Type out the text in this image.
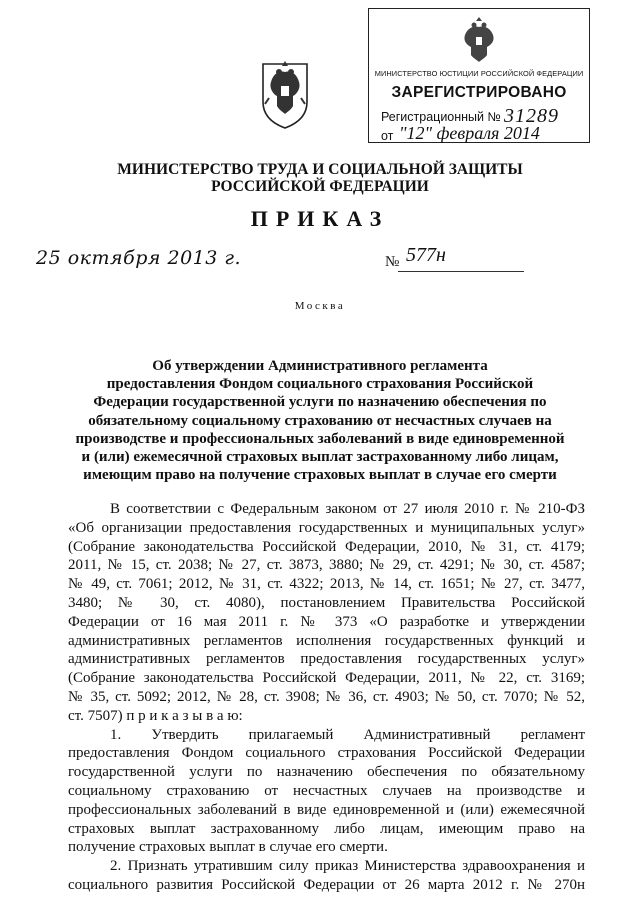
МИНИСТЕРСТВО ЮСТИЦИИ РОССИЙСКОЙ ФЕДЕРАЦИИ
ЗАРЕГИСТРИРОВАНО
Регистрационный № 31289
от "12" февраля 2014
МИНИСТЕРСТВО ТРУДА И СОЦИАЛЬНОЙ ЗАЩИТЫ
РОССИЙСКОЙ ФЕДЕРАЦИИ
ПРИКАЗ
25 октября 2013 г.	№ 577н
Москва
Об утверждении Административного регламента
предоставления Фондом социального страхования Российской
Федерации государственной услуги по назначению обеспечения по
обязательному социальному страхованию от несчастных случаев на
производстве и профессиональных заболеваний в виде единовременной
и (или) ежемесячной страховых выплат застрахованному либо лицам,
имеющим право на получение страховых выплат в случае его смерти
В соответствии с Федеральным законом от 27 июля 2010 г. № 210-ФЗ
«Об организации предоставления государственных и муниципальных услуг»
(Собрание законодательства Российской Федерации, 2010, № 31, ст. 4179;
2011, № 15, ст. 2038; № 27, ст. 3873, 3880; № 29, ст. 4291; № 30, ст. 4587;
№ 49, ст. 7061; 2012, № 31, ст. 4322; 2013, № 14, ст. 1651; № 27, ст. 3477,
3480; № 30, ст. 4080), постановлением Правительства Российской
Федерации от 16 мая 2011 г. № 373 «О разработке и утверждении
административных регламентов исполнения государственных функций и
административных регламентов предоставления государственных услуг»
(Собрание законодательства Российской Федерации, 2011, № 22, ст. 3169;
№ 35, ст. 5092; 2012, № 28, ст. 3908; № 36, ст. 4903; № 50, ст. 7070; № 52,
ст. 7507) п р и к а з ы в а ю:
1. Утвердить прилагаемый Административный регламент
предоставления Фондом социального страхования Российской Федерации
государственной услуги по назначению обеспечения по обязательному
социальному страхованию от несчастных случаев на производстве и
профессиональных заболеваний в виде единовременной и (или) ежемесячной
страховых выплат застрахованному либо лицам, имеющим право на
получение страховых выплат в случае его смерти.
2. Признать утратившим силу приказ Министерства здравоохранения и
социального развития Российской Федерации от 26 марта 2012 г. № 270н
